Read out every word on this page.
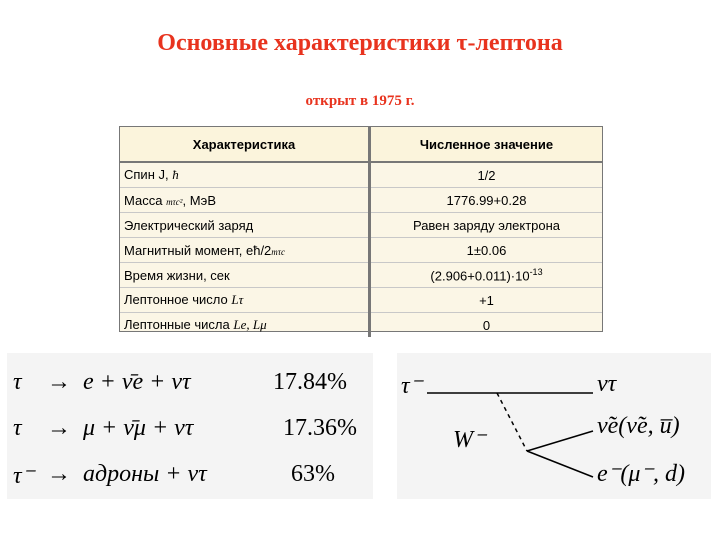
Основные характеристики τ-лептона
открыт в 1975 г.
Характеристика	Численное значение
Спин J, ħ	1/2
Масса mτc², МэВ	1776.99+0.28
Электрический заряд	Равен заряду электрона
Магнитный момент, eħ/2mτc	1±0.06
Время жизни, сек	$(2.906+0.011)\cdot 10^{-13}$
Лептонное число Lτ	+1
Лептонные числа Le, Lμ	0
τ → e + ν̄e + ντ	17.84%
τ → μ + ν̄μ + ντ	17.36%
τ⁻ → адроны + ντ	63%
τ⁻
W⁻
ντ
ν̃e(ν̃e, u̅)
e⁻(μ⁻, d)
